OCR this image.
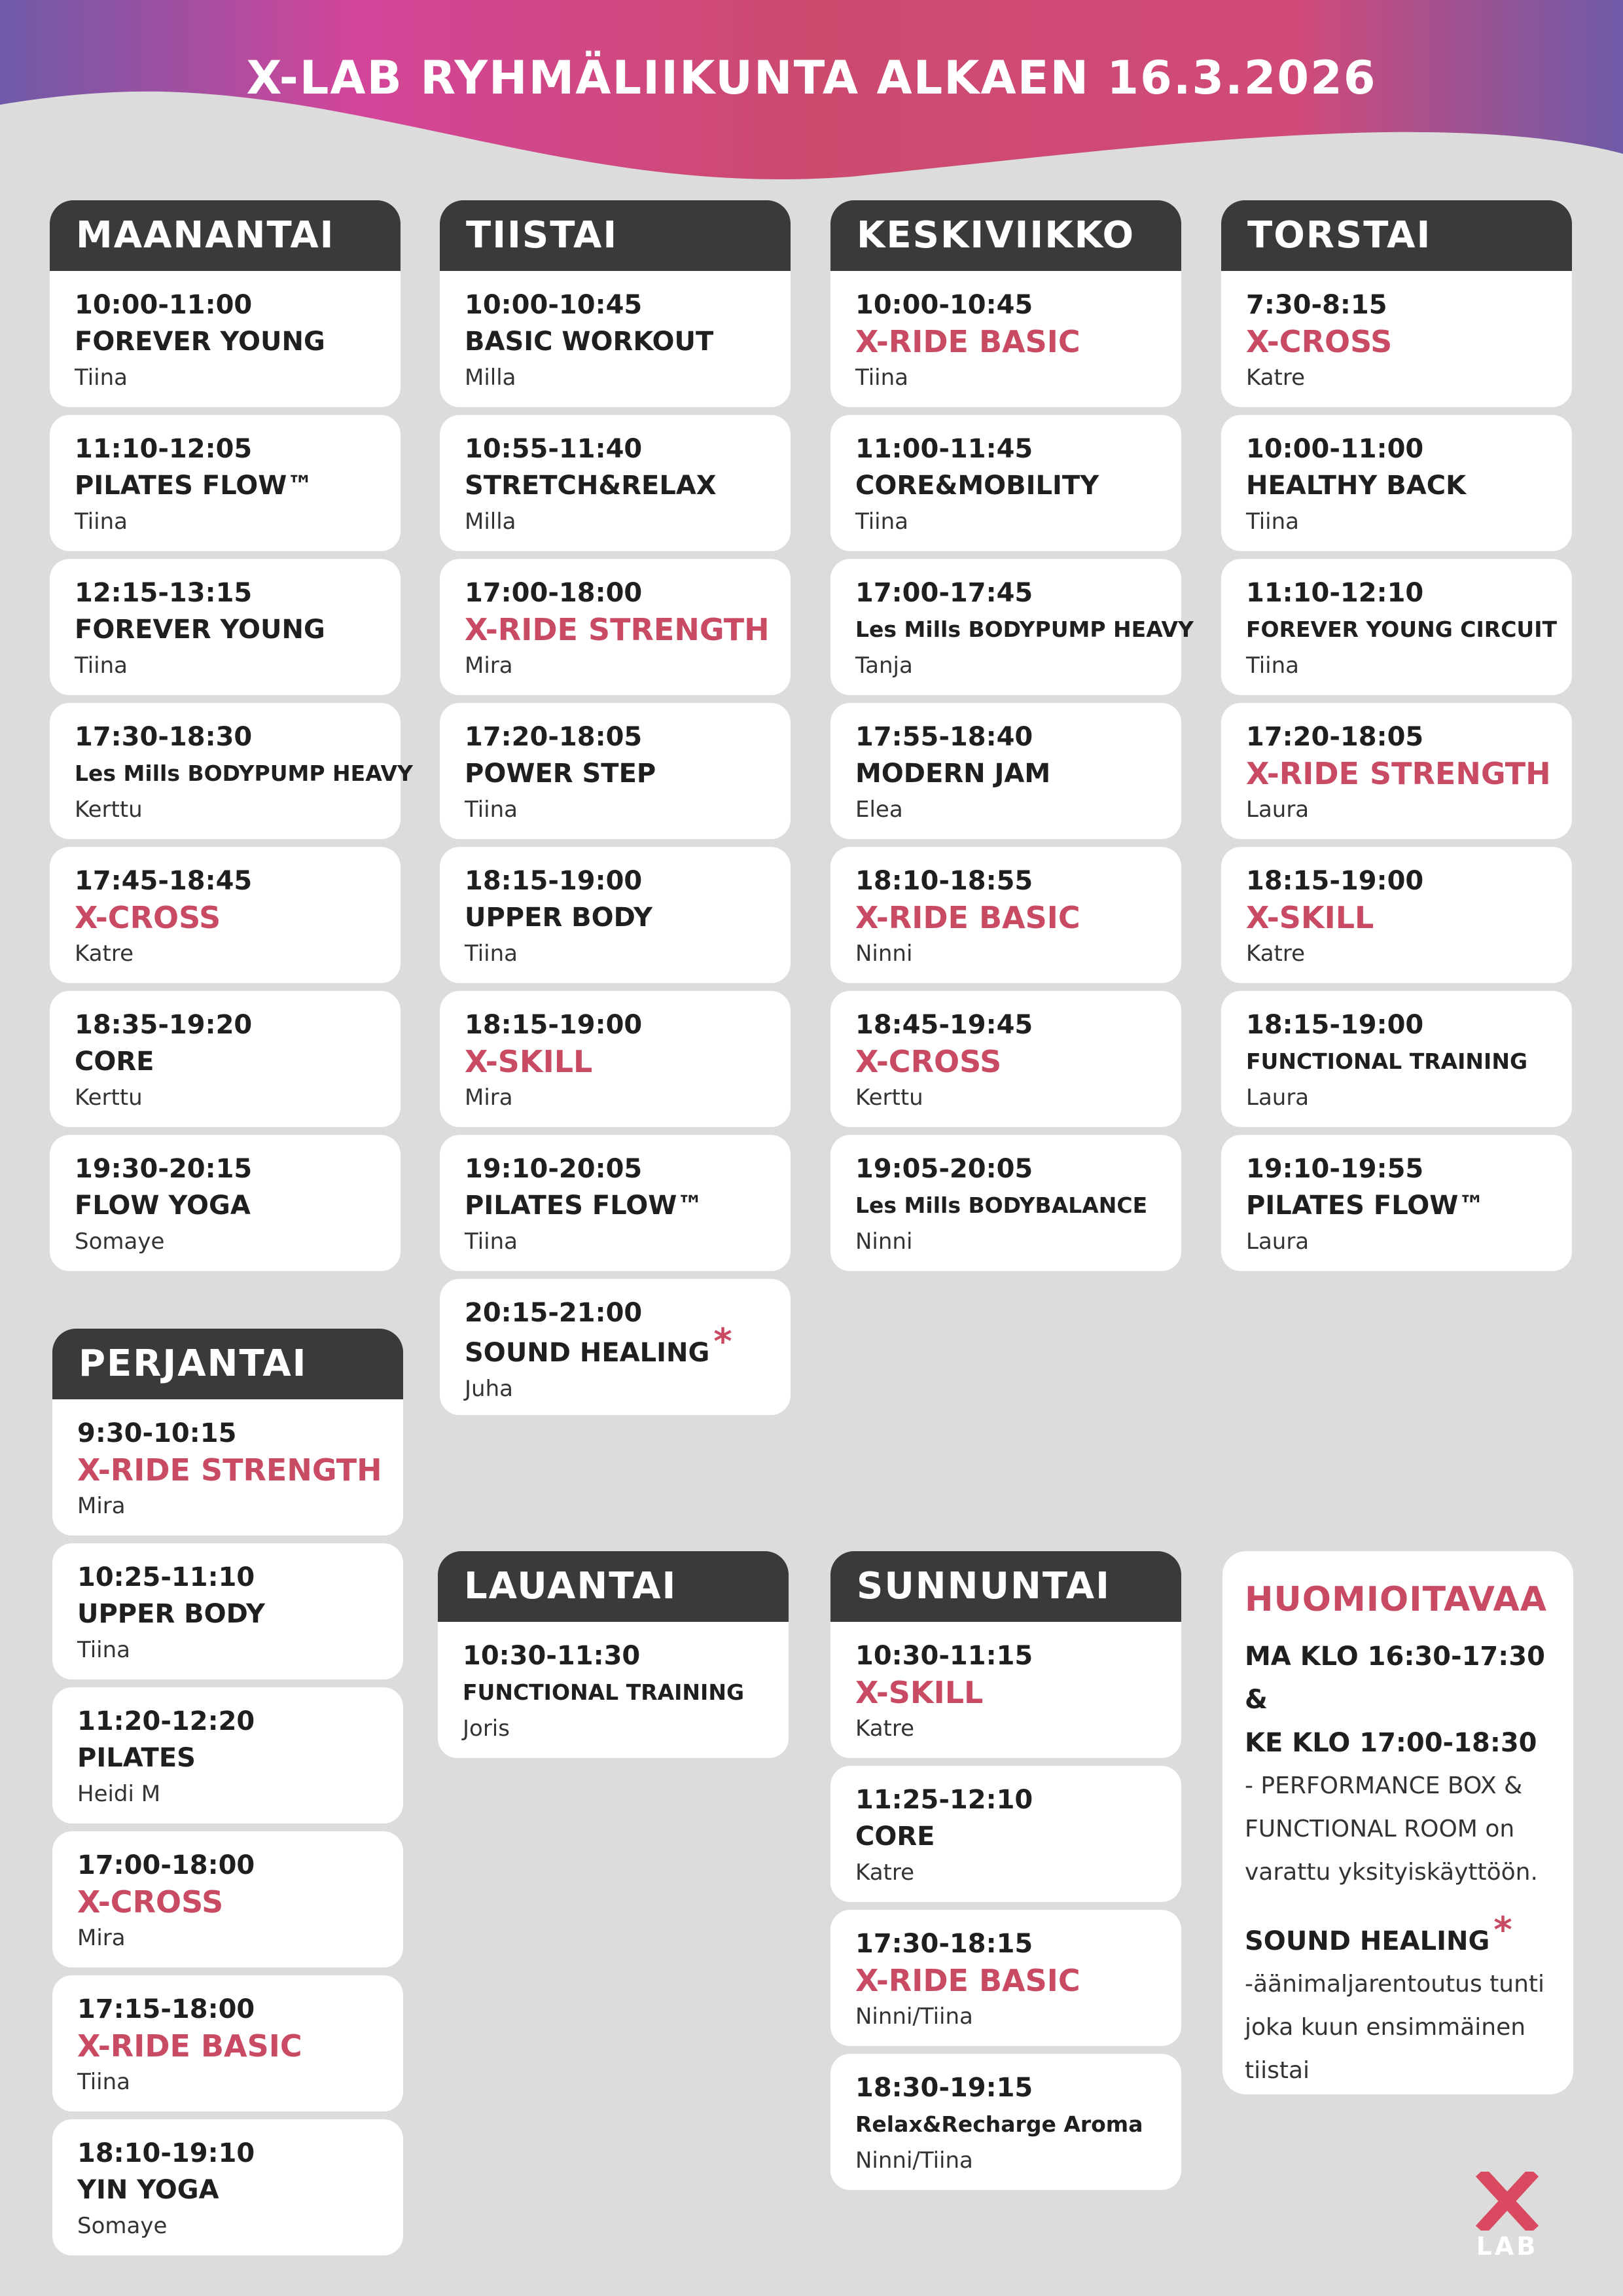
X-LAB RYHMÄLIIKUNTA ALKAEN 16.3.2026
MAANANTAI
10:00-11:00
FOREVER YOUNG
Tiina
11:10-12:05
PILATES FLOW™
Tiina
12:15-13:15
FOREVER YOUNG
Tiina
17:30-18:30
Les Mills BODYPUMP HEAVY
Kerttu
17:45-18:45
X-CROSS
Katre
18:35-19:20
CORE
Kerttu
19:30-20:15
FLOW YOGA
Somaye
TIISTAI
10:00-10:45
BASIC WORKOUT
Milla
10:55-11:40
STRETCH&RELAX
Milla
17:00-18:00
X-RIDE STRENGTH
Mira
17:20-18:05
POWER STEP
Tiina
18:15-19:00
UPPER BODY
Tiina
18:15-19:00
X-SKILL
Mira
19:10-20:05
PILATES FLOW™
Tiina
20:15-21:00
SOUND HEALING *
Juha
KESKIVIIKKO
10:00-10:45
X-RIDE BASIC
Tiina
11:00-11:45
CORE&MOBILITY
Tiina
17:00-17:45
Les Mills BODYPUMP HEAVY
Tanja
17:55-18:40
MODERN JAM
Elea
18:10-18:55
X-RIDE BASIC
Ninni
18:45-19:45
X-CROSS
Kerttu
19:05-20:05
Les Mills BODYBALANCE
Ninni
TORSTAI
7:30-8:15
X-CROSS
Katre
10:00-11:00
HEALTHY BACK
Tiina
11:10-12:10
FOREVER YOUNG CIRCUIT
Tiina
17:20-18:05
X-RIDE STRENGTH
Laura
18:15-19:00
X-SKILL
Katre
18:15-19:00
FUNCTIONAL TRAINING
Laura
19:10-19:55
PILATES FLOW™
Laura
PERJANTAI
9:30-10:15
X-RIDE STRENGTH
Mira
10:25-11:10
UPPER BODY
Tiina
11:20-12:20
PILATES
Heidi M
17:00-18:00
X-CROSS
Mira
17:15-18:00
X-RIDE BASIC
Tiina
18:10-19:10
YIN YOGA
Somaye
LAUANTAI
10:30-11:30
FUNCTIONAL TRAINING
Joris
SUNNUNTAI
10:30-11:15
X-SKILL
Katre
11:25-12:10
CORE
Katre
17:30-18:15
X-RIDE BASIC
Ninni/Tiina
18:30-19:15
Relax&Recharge Aroma
Ninni/Tiina
HUOMIOITAVAA
MA KLO 16:30-17:30 &
KE KLO 17:00-18:30
- PERFORMANCE BOX &
FUNCTIONAL ROOM on
varattu yksityiskäyttöön.
SOUND HEALING *
-äänimaljarentoutus tunti
joka kuun ensimmäinen
tiistai
LAB
